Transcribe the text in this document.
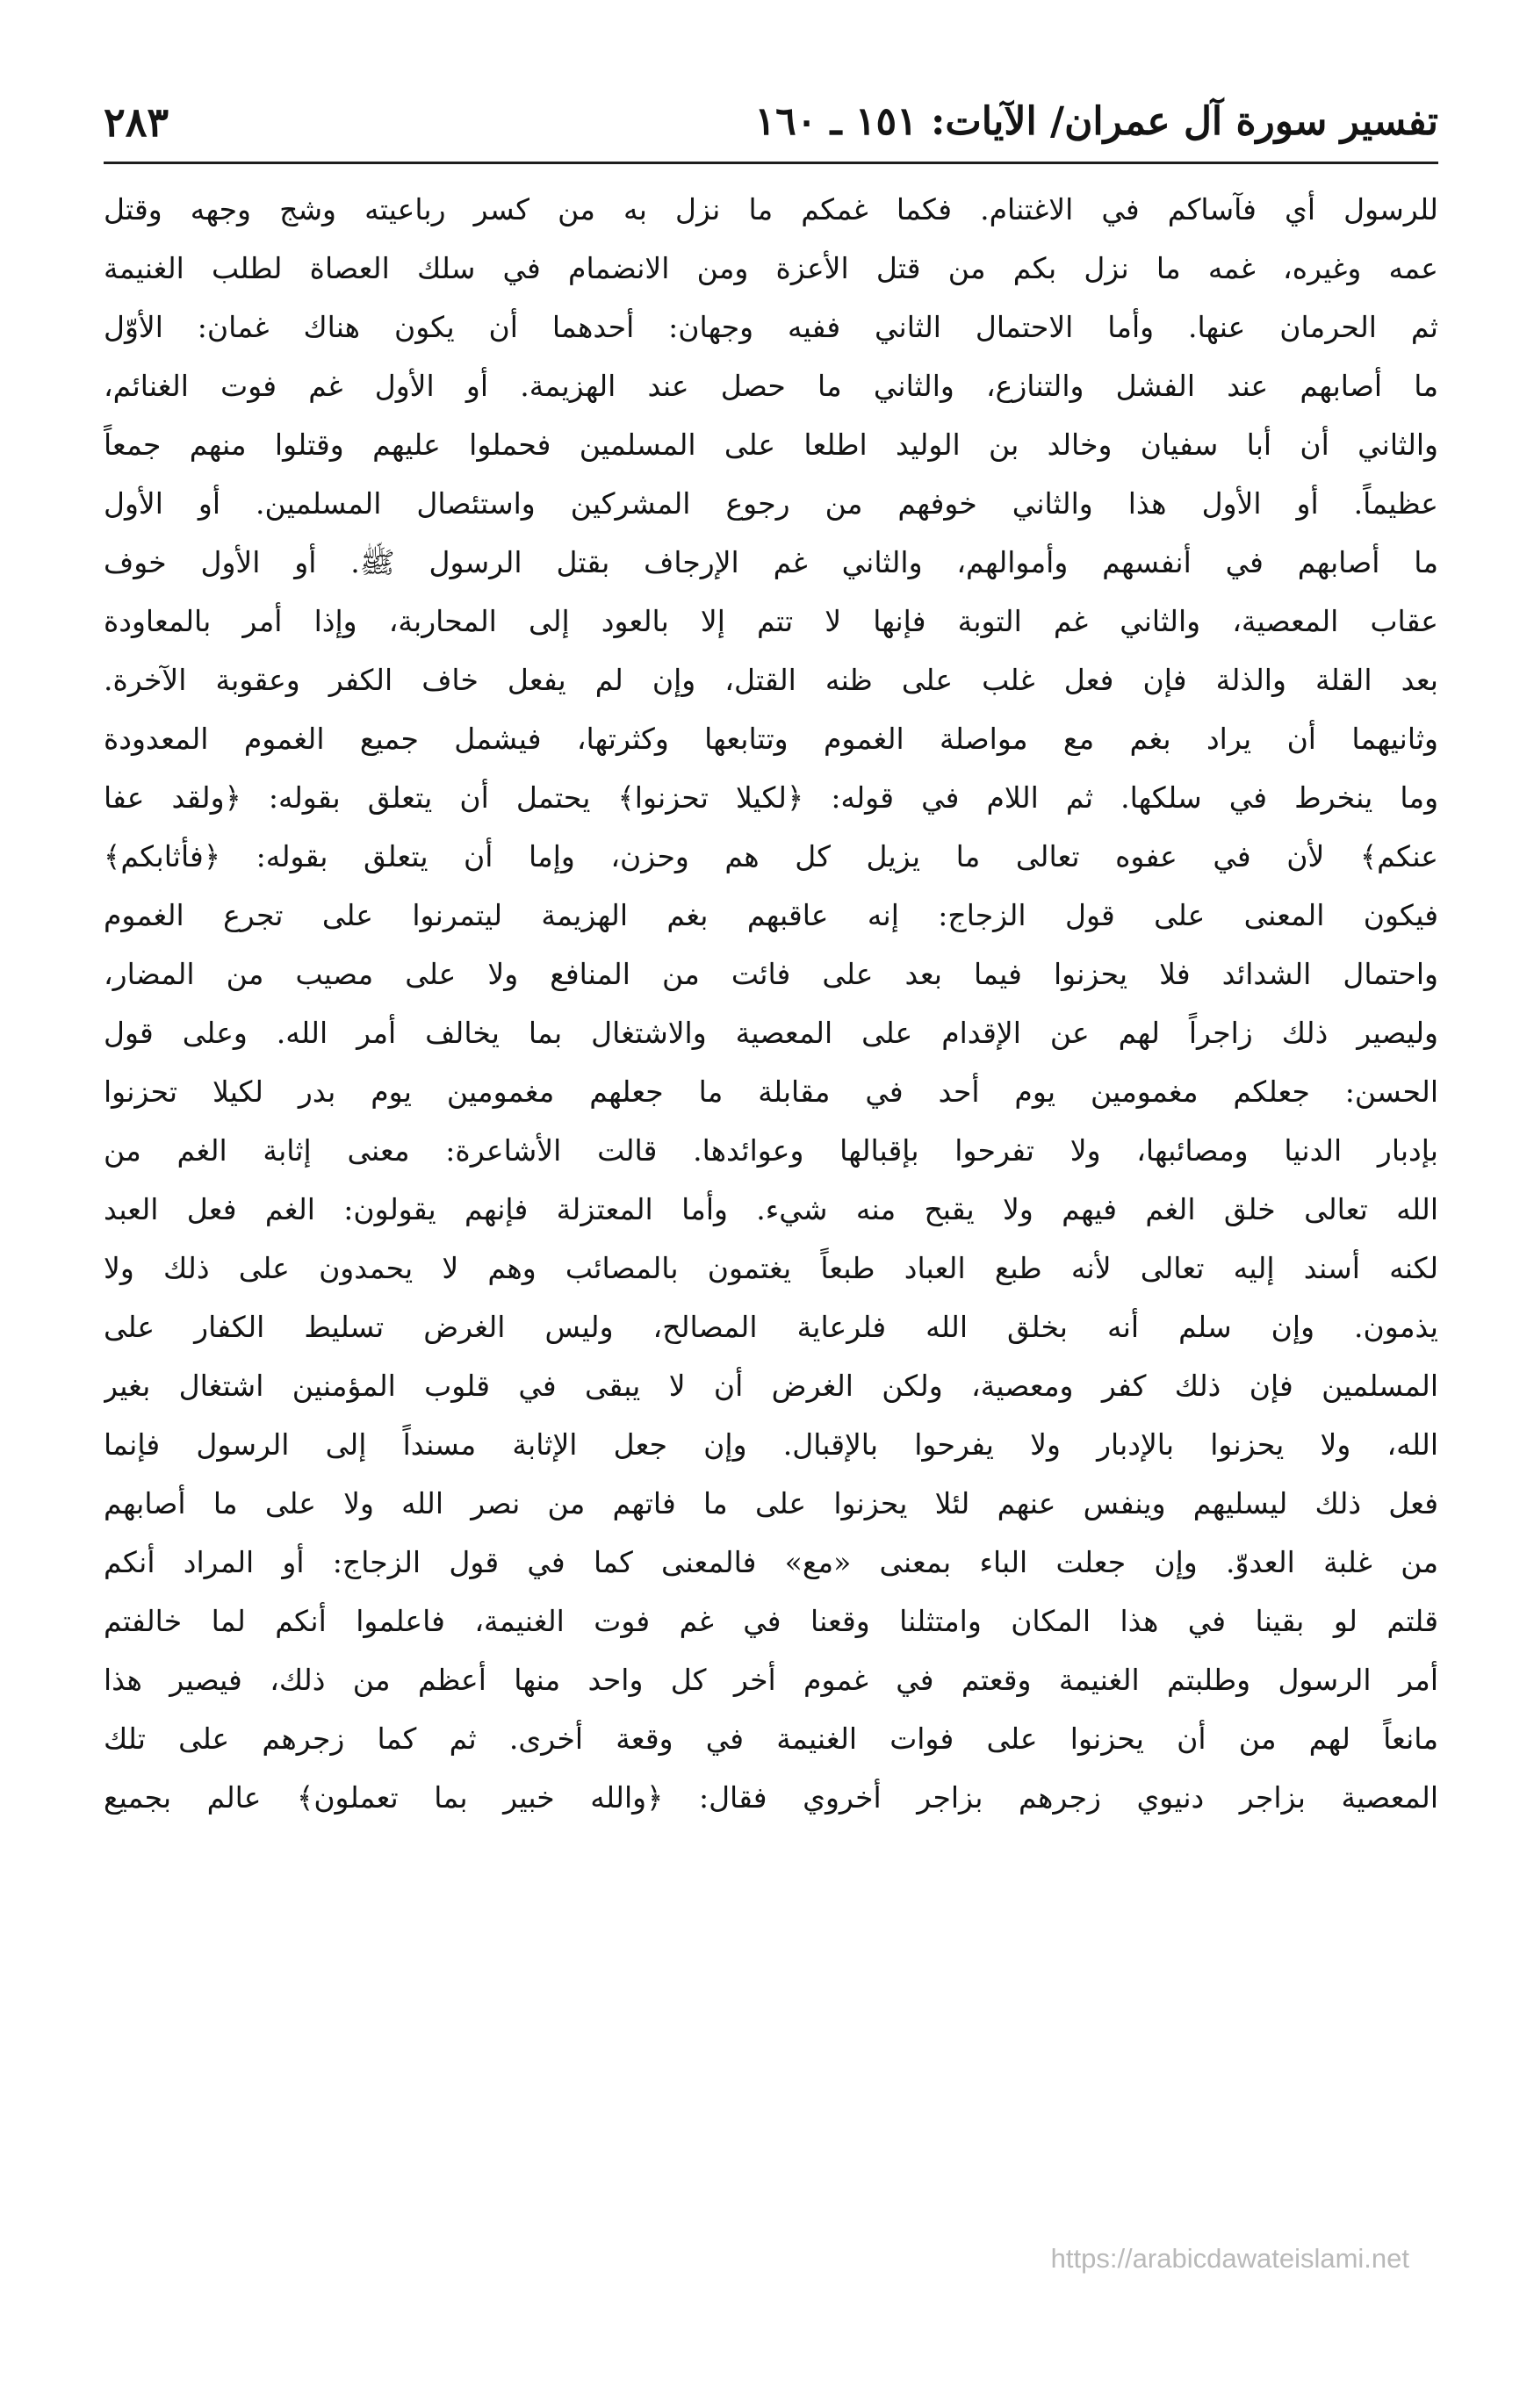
تفسير سورة آل عمران/ الآيات: ١٥١ ـ ١٦٠
٢٨٣
للرسول أي فآساكم في الاغتنام. فكما غمكم ما نزل به من كسر رباعيته وشج وجهه وقتل
عمه وغيره، غمه ما نزل بكم من قتل الأعزة ومن الانضمام في سلك العصاة لطلب الغنيمة
ثم الحرمان عنها. وأما الاحتمال الثاني ففيه وجهان: أحدهما أن يكون هناك غمان: الأوّل
ما أصابهم عند الفشل والتنازع، والثاني ما حصل عند الهزيمة. أو الأول غم فوت الغنائم،
والثاني أن أبا سفيان وخالد بن الوليد اطلعا على المسلمين فحملوا عليهم وقتلوا منهم جمعاً
عظيماً. أو الأول هذا والثاني خوفهم من رجوع المشركين واستئصال المسلمين. أو الأول
ما أصابهم في أنفسهم وأموالهم، والثاني غم الإرجاف بقتل الرسول ﷺ. أو الأول خوف
عقاب المعصية، والثاني غم التوبة فإنها لا تتم إلا بالعود إلى المحاربة، وإذا أمر بالمعاودة
بعد القلة والذلة فإن فعل غلب على ظنه القتل، وإن لم يفعل خاف الكفر وعقوبة الآخرة.
وثانيهما أن يراد بغم مع مواصلة الغموم وتتابعها وكثرتها، فيشمل جميع الغموم المعدودة
وما ينخرط في سلكها. ثم اللام في قوله: ﴿لكيلا تحزنوا﴾ يحتمل أن يتعلق بقوله: ﴿ولقد عفا
عنكم﴾ لأن في عفوه تعالى ما يزيل كل هم وحزن، وإما أن يتعلق بقوله: ﴿فأثابكم﴾
فيكون المعنى على قول الزجاج: إنه عاقبهم بغم الهزيمة ليتمرنوا على تجرع الغموم
واحتمال الشدائد فلا يحزنوا فيما بعد على فائت من المنافع ولا على مصيب من المضار،
وليصير ذلك زاجراً لهم عن الإقدام على المعصية والاشتغال بما يخالف أمر الله. وعلى قول
الحسن: جعلكم مغمومين يوم أحد في مقابلة ما جعلهم مغمومين يوم بدر لكيلا تحزنوا
بإدبار الدنيا ومصائبها، ولا تفرحوا بإقبالها وعوائدها. قالت الأشاعرة: معنى إثابة الغم من
الله تعالى خلق الغم فيهم ولا يقبح منه شيء. وأما المعتزلة فإنهم يقولون: الغم فعل العبد
لكنه أسند إليه تعالى لأنه طبع العباد طبعاً يغتمون بالمصائب وهم لا يحمدون على ذلك ولا
يذمون. وإن سلم أنه بخلق الله فلرعاية المصالح، وليس الغرض تسليط الكفار على
المسلمين فإن ذلك كفر ومعصية، ولكن الغرض أن لا يبقى في قلوب المؤمنين اشتغال بغير
الله، ولا يحزنوا بالإدبار ولا يفرحوا بالإقبال. وإن جعل الإثابة مسنداً إلى الرسول فإنما
فعل ذلك ليسليهم وينفس عنهم لئلا يحزنوا على ما فاتهم من نصر الله ولا على ما أصابهم
من غلبة العدوّ. وإن جعلت الباء بمعنى «مع» فالمعنى كما في قول الزجاج: أو المراد أنكم
قلتم لو بقينا في هذا المكان وامتثلنا وقعنا في غم فوت الغنيمة، فاعلموا أنكم لما خالفتم
أمر الرسول وطلبتم الغنيمة وقعتم في غموم أخر كل واحد منها أعظم من ذلك، فيصير هذا
مانعاً لهم من أن يحزنوا على فوات الغنيمة في وقعة أخرى. ثم كما زجرهم على تلك
المعصية بزاجر دنيوي زجرهم بزاجر أخروي فقال: ﴿والله خبير بما تعملون﴾ عالم بجميع
https://arabicdawateislami.net
